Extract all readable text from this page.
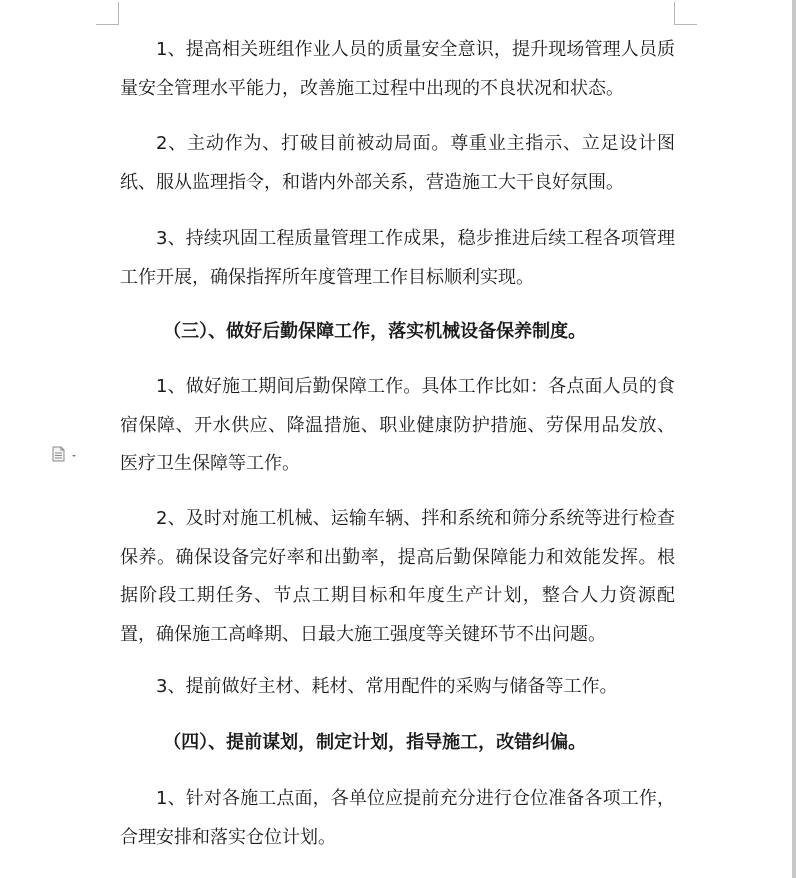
1、提高相关班组作业人员的质量安全意识，提升现场管理人员质量安全管理水平能力，改善施工过程中出现的不良状况和状态。
2、主动作为、打破目前被动局面。尊重业主指示、立足设计图纸、服从监理指令，和谐内外部关系，营造施工大干良好氛围。
3、持续巩固工程质量管理工作成果，稳步推进后续工程各项管理工作开展，确保指挥所年度管理工作目标顺利实现。
（三）、做好后勤保障工作，落实机械设备保养制度。
1、做好施工期间后勤保障工作。具体工作比如：各点面人员的食宿保障、开水供应、降温措施、职业健康防护措施、劳保用品发放、医疗卫生保障等工作。
2、及时对施工机械、运输车辆、拌和系统和筛分系统等进行检查保养。确保设备完好率和出勤率，提高后勤保障能力和效能发挥。根据阶段工期任务、节点工期目标和年度生产计划，整合人力资源配置，确保施工高峰期、日最大施工强度等关键环节不出问题。
3、提前做好主材、耗材、常用配件的采购与储备等工作。
（四）、提前谋划，制定计划，指导施工，改错纠偏。
1、针对各施工点面，各单位应提前充分进行仓位准备各项工作，合理安排和落实仓位计划。
